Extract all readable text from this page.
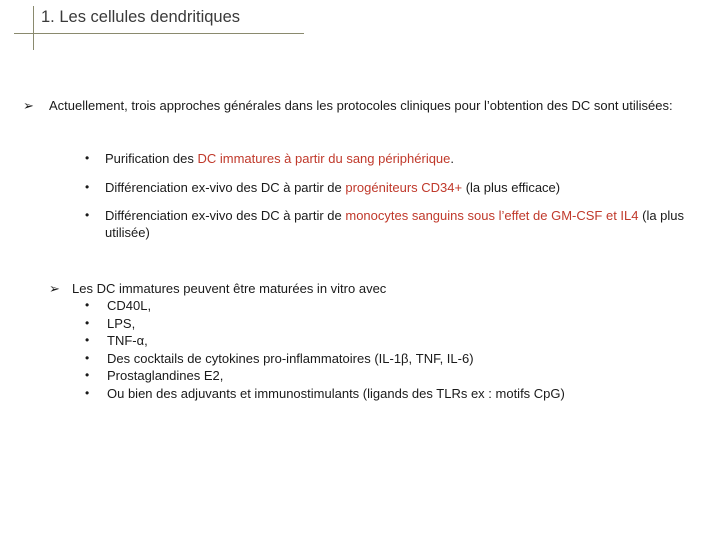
1. Les cellules dendritiques
➢ Actuellement, trois approches générales dans les protocoles cliniques pour l’obtention des DC sont utilisées:
• Purification des DC immatures à partir du sang périphérique.
• Différenciation ex-vivo des DC à partir de progéniteurs CD34+ (la plus efficace)
• Différenciation ex-vivo des DC à partir de monocytes sanguins sous l’effet de GM-CSF et IL4 (la plus utilisée)
➢ Les DC immatures peuvent être maturées in vitro avec
• CD40L,
• LPS,
• TNF-α,
• Des cocktails de cytokines pro-inflammatoires (IL-1β, TNF, IL-6)
• Prostaglandines E2,
• Ou bien des adjuvants et immunostimulants (ligands des TLRs ex : motifs CpG)
